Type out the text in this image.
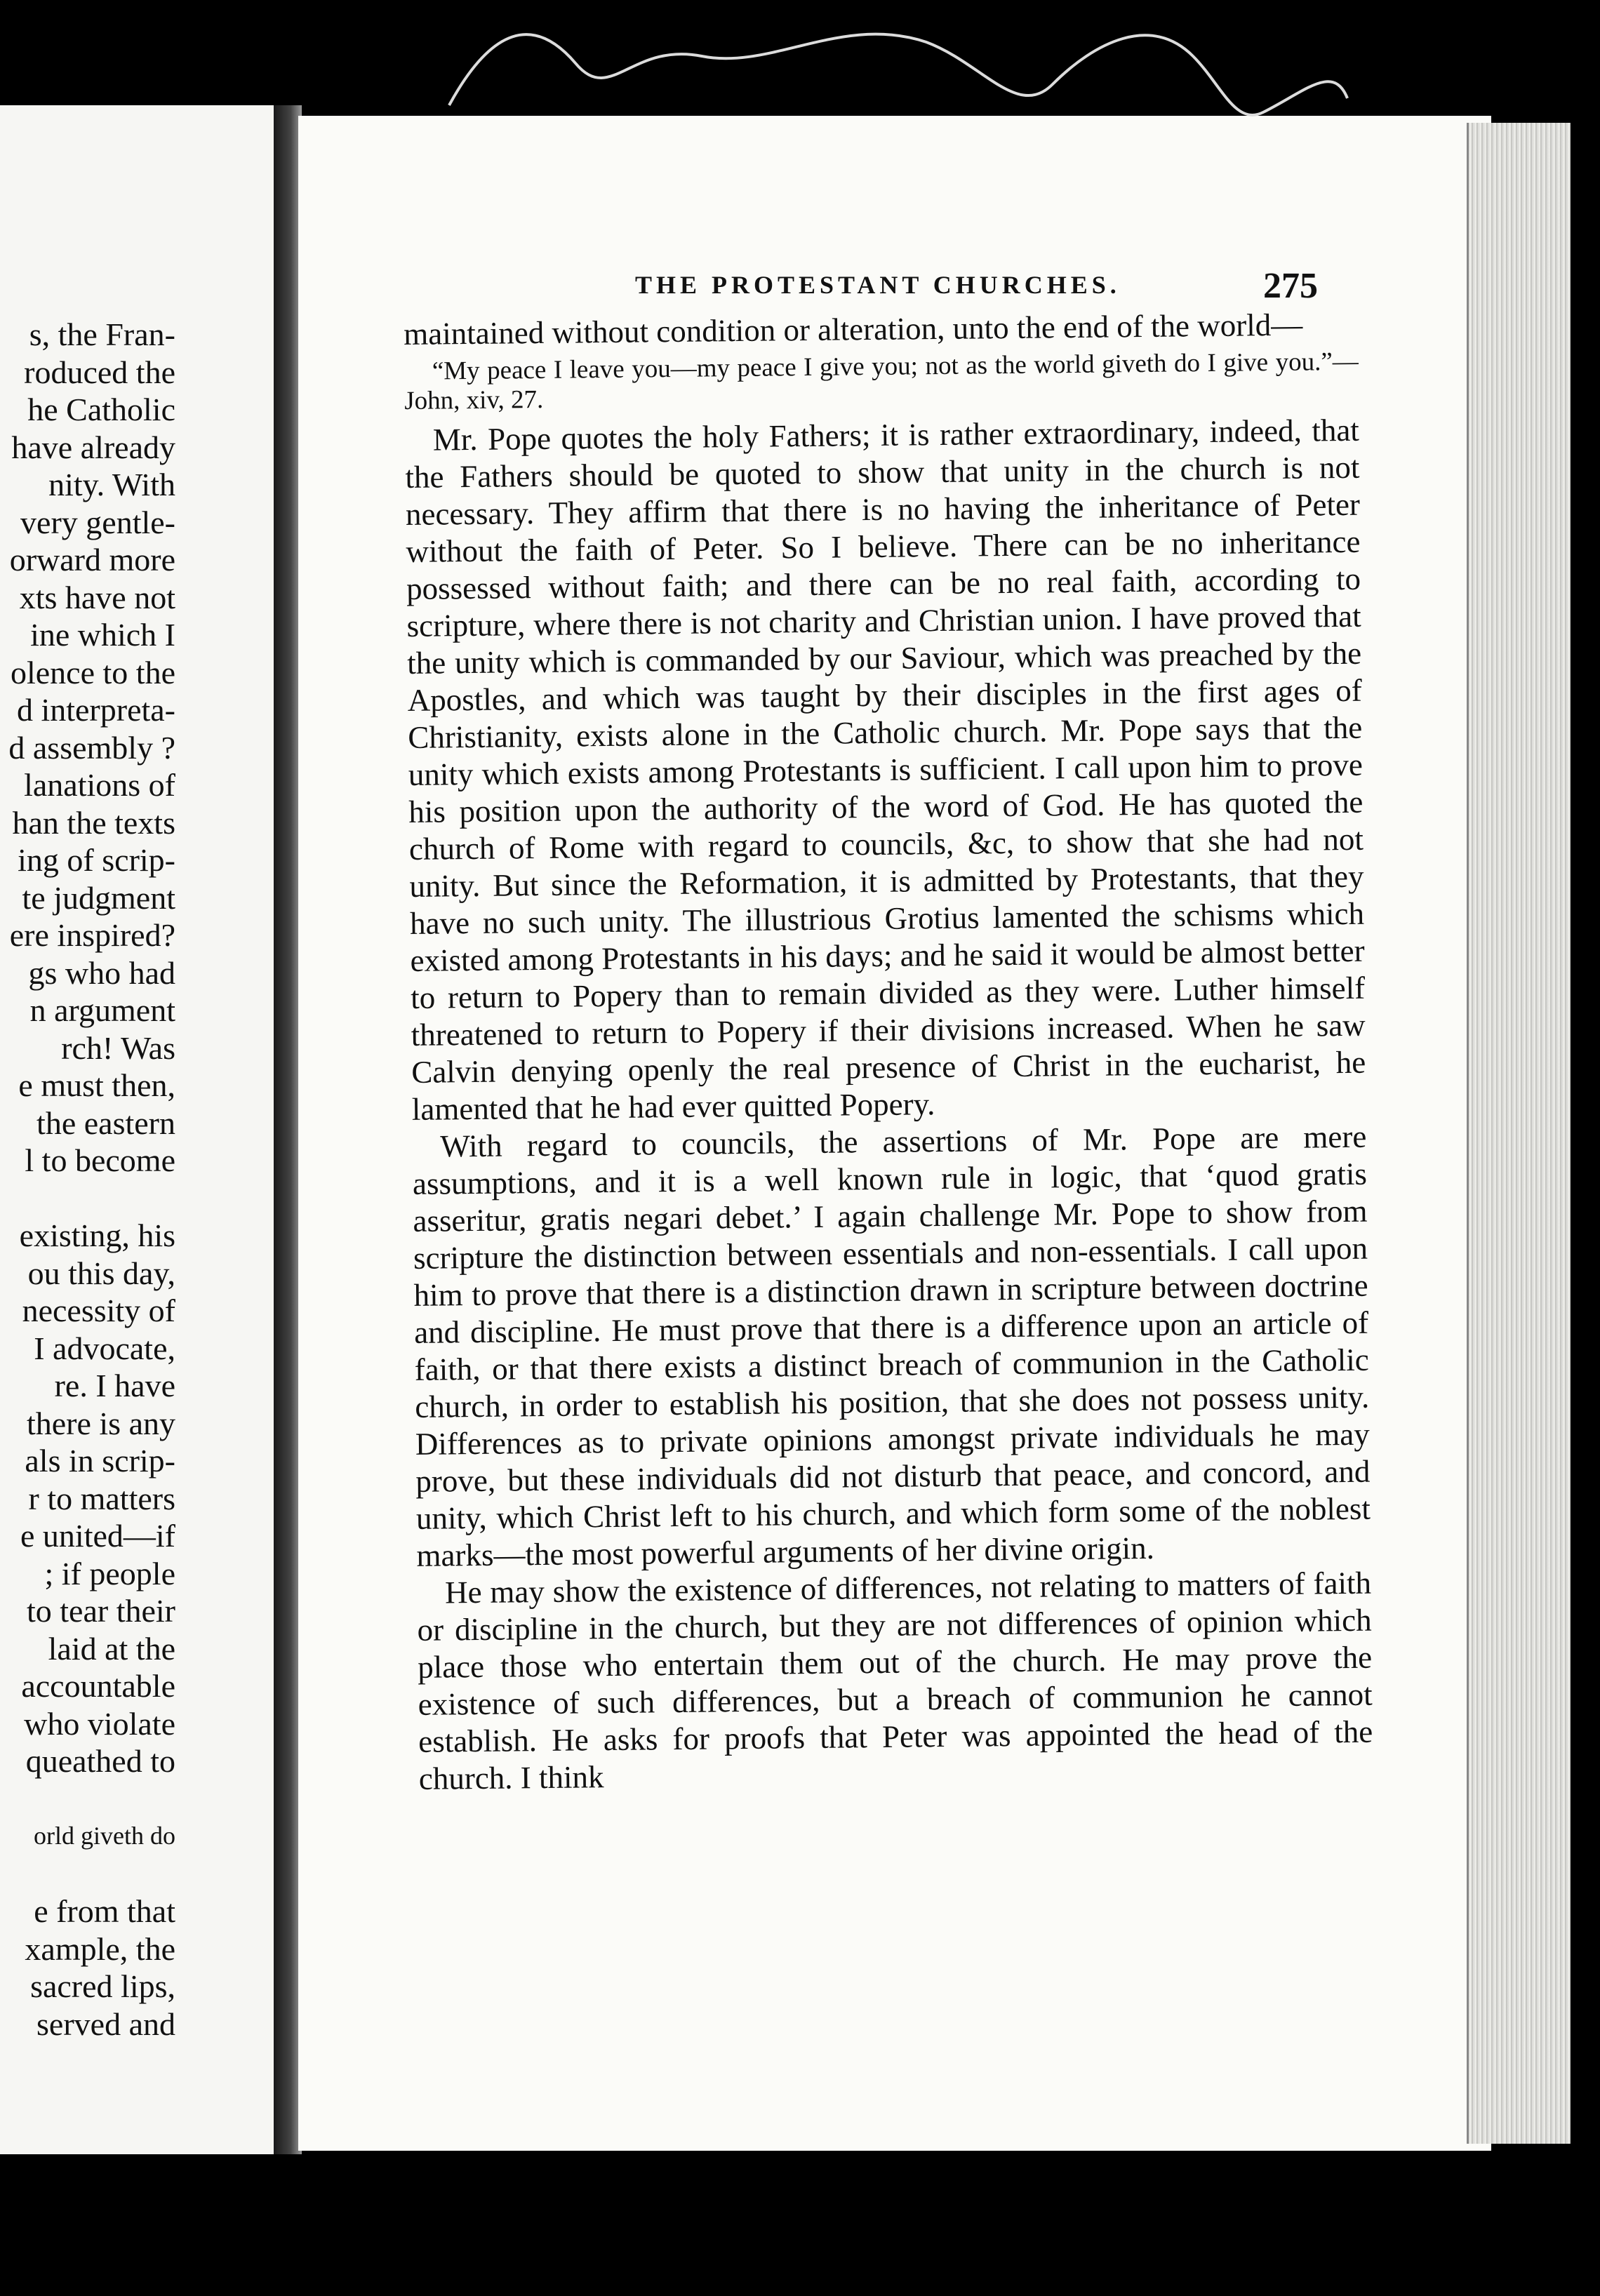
s, the Fran-
roduced the
he Catholic
have already
nity. With
very gentle-
orward more
xts have not
ine which I
olence to the
d interpreta-
d assembly ?
lanations of
han the texts
ing of scrip-
te judgment
ere inspired?
gs who had
n argument
rch! Was
e must then,
the eastern
l to become
existing, his
ou this day,
necessity of
I advocate,
re. I have
there is any
als in scrip-
r to matters
e united—if
; if people
to tear their
laid at the
accountable
who violate
queathed to
orld giveth do
e from that
xample, the
sacred lips,
served and
THE PROTESTANT CHURCHES.	275

maintained without condition or alteration, unto the end of the world—

“My peace I leave you—my peace I give you; not as the world giveth do I give you.”—John, xiv, 27.

Mr. Pope quotes the holy Fathers; it is rather extraordinary, indeed, that the Fathers should be quoted to show that unity in the church is not necessary. They affirm that there is no having the inheritance of Peter without the faith of Peter. So I believe. There can be no inheritance possessed without faith; and there can be no real faith, according to scripture, where there is not charity and Christian union. I have proved that the unity which is commanded by our Saviour, which was preached by the Apostles, and which was taught by their disciples in the first ages of Christianity, exists alone in the Catholic church. Mr. Pope says that the unity which exists among Protestants is sufficient. I call upon him to prove his position upon the authority of the word of God. He has quoted the church of Rome with regard to councils, &c, to show that she had not unity. But since the Reformation, it is admitted by Protestants, that they have no such unity. The illustrious Grotius lamented the schisms which existed among Protestants in his days; and he said it would be almost better to return to Popery than to remain divided as they were. Luther himself threatened to return to Popery if their divisions increased. When he saw Calvin denying openly the real presence of Christ in the eucharist, he lamented that he had ever quitted Popery.

With regard to councils, the assertions of Mr. Pope are mere assumptions, and it is a well known rule in logic, that ‘quod gratis asseritur, gratis negari debet.’ I again challenge Mr. Pope to show from scripture the distinction between essentials and non-essentials. I call upon him to prove that there is a distinction drawn in scripture between doctrine and discipline. He must prove that there is a difference upon an article of faith, or that there exists a distinct breach of communion in the Catholic church, in order to establish his position, that she does not possess unity. Differences as to private opinions amongst private individuals he may prove, but these individuals did not disturb that peace, and concord, and unity, which Christ left to his church, and which form some of the noblest marks—the most powerful arguments of her divine origin.

He may show the existence of differences, not relating to matters of faith or discipline in the church, but they are not differences of opinion which place those who entertain them out of the church. He may prove the existence of such differences, but a breach of communion he cannot establish. He asks for proofs that Peter was appointed the head of the church. I think
